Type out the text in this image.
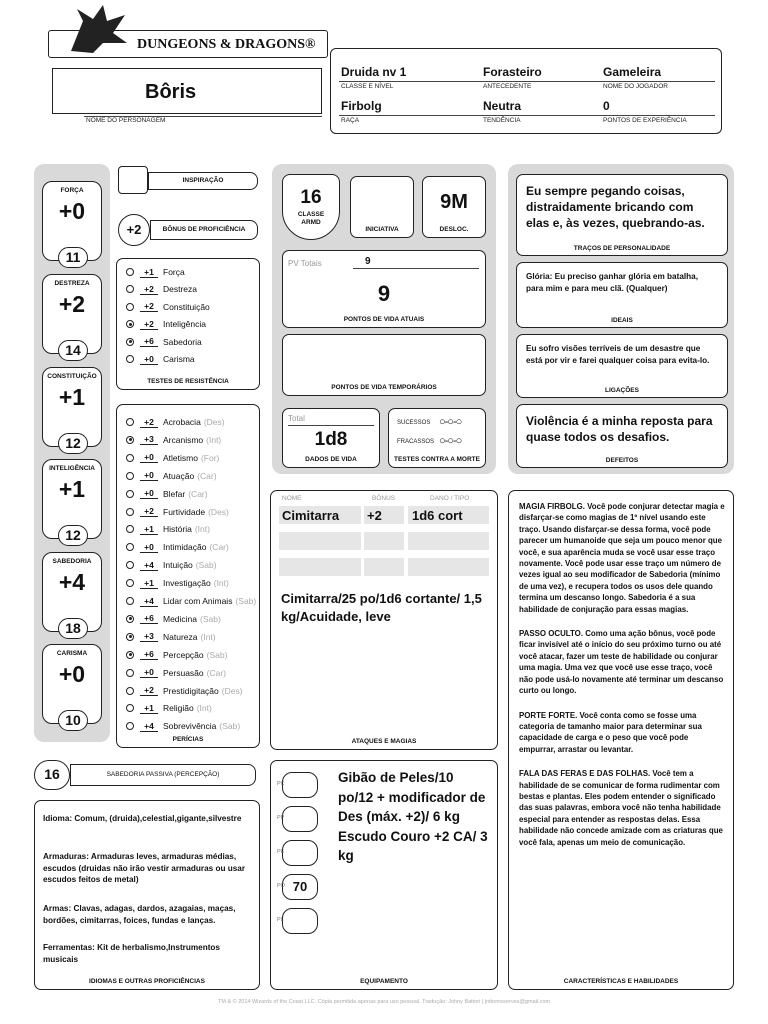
DUNGEONS & DRAGONS®
Bôris
NOME DO PERSONAGEM
Druida nv 1
CLASSE E NÍVEL
Forasteiro
ANTECEDENTE
Gameleira
NOME DO JOGADOR
Firbolg
RAÇA
Neutra
TENDÊNCIA
0
PONTOS DE EXPERIÊNCIA
FORÇA
+0
11
DESTREZA
+2
14
CONSTITUIÇÃO
+1
12
INTELIGÊNCIA
+1
12
SABEDORIA
+4
18
CARISMA
+0
10
INSPIRAÇÃO
+2	BÔNUS DE PROFICIÊNCIA
TESTES DE RESISTÊNCIA
+1	Força
+2	Destreza
+2	Constituição
+2	Inteligência
+6	Sabedoria
+0	Carisma
PERÍCIAS
+2	Acrobacia (Des)
+3	Arcanismo (Int)
+0	Atletismo (For)
+0	Atuação (Car)
+0	Blefar (Car)
+2	Furtividade (Des)
+1	História (Int)
+0	Intimidação (Car)
+4	Intuição (Sab)
+1	Investigação (Int)
+4	Lidar com Animais (Sab)
+6	Medicina (Sab)
+3	Natureza (Int)
+6	Percepção (Sab)
+0	Persuasão (Car)
+2	Prestidigitação (Des)
+1	Religião (Int)
+4	Sobrevivência (Sab)
16
CLASSE ARMD
INICIATIVA
9M
DESLOC.
PV Totais	9
9
PONTOS DE VIDA ATUAIS
PONTOS DE VIDA TEMPORÁRIOS
Total
1d8
DADOS DE VIDA
SUCESSOS ○-○-○
FRACASSOS ○-○-○
TESTES CONTRA A MORTE
Eu sempre pegando coisas, distraidamente bricando com elas e, às vezes, quebrando-as.
TRAÇOS DE PERSONALIDADE
Glória: Eu preciso ganhar glória em batalha, para mim e para meu clã. (Qualquer)
IDEAIS
Eu sofro visões terríveis de um desastre que está por vir e farei qualquer coisa para evita-lo.
LIGAÇÕES
Violência é a minha reposta para quase todos os desafios.
DEFEITOS
ATAQUES E MAGIAS
NOME	BÔNUS	DANO / TIPO
Cimitarra +2 1d6 cort
Cimitarra/25 po/1d6 cortante/ 1,5 kg/Acuidade, leve
16	SABEDORIA PASSIVA (PERCEPÇÃO)
Idioma: Comum, (druida),celestial,gigante,silvestre
Armaduras: Armaduras leves, armaduras médias, escudos (druidas não irão vestir armaduras ou usar escudos feitos de metal)
Armas: Clavas, adagas, dardos, azagaias, maças, bordões, cimitarras, foices, fundas e lanças.
Ferramentas: Kit de herbalismo,Instrumentos musicais
IDIOMAS E OUTRAS PROFICIÊNCIAS	EQUIPAMENTO
PC
PP
PE
PO 70
PL
Gibão de Peles/10 po/12 + modificador de Des (máx. +2)/ 6 kg Escudo Couro +2 CA/ 3 kg

MAGIA FIRBOLG. Você pode conjurar detectar magia e disfarçar-se como magias de 1º nível usando este traço. Usando disfarçar-se dessa forma, você pode parecer um humanoide que seja um pouco menor que você, e sua aparência muda se você usar esse traço novamente. Você pode usar esse traço um número de vezes igual ao seu modificador de Sabedoria (mínimo de uma vez), e recupera todos os usos dele quando termina um descanso longo. Sabedoria é a sua habilidade de conjuração para essas magias.

PASSO OCULTO. Como uma ação bônus, você pode ficar invisível até o início do seu próximo turno ou até você atacar, fazer um teste de habilidade ou conjurar uma magia. Uma vez que você use esse traço, você não pode usá-lo novamente até terminar um descanso curto ou longo.

PORTE FORTE. Você conta como se fosse uma categoria de tamanho maior para determinar sua capacidade de carga e o peso que você pode empurrar, arrastar ou levantar.

FALA DAS FERAS E DAS FOLHAS. Você tem a habilidade de se comunicar de forma rudimentar com bestas e plantas. Eles podem entender o significado das suas palavras, embora você não tenha habilidade especial para entender as respostas delas. Essa habilidade não concede amizade com as criaturas que você fala, apenas um meio de comunicação.

CARACTERÍSTICAS E HABILIDADES
TM & © 2014 Wizards of the Coast LLC. Cópia permitida apenas para uso pessoal. Tradução: Johny Battori | jottonreserves@gmail.com
